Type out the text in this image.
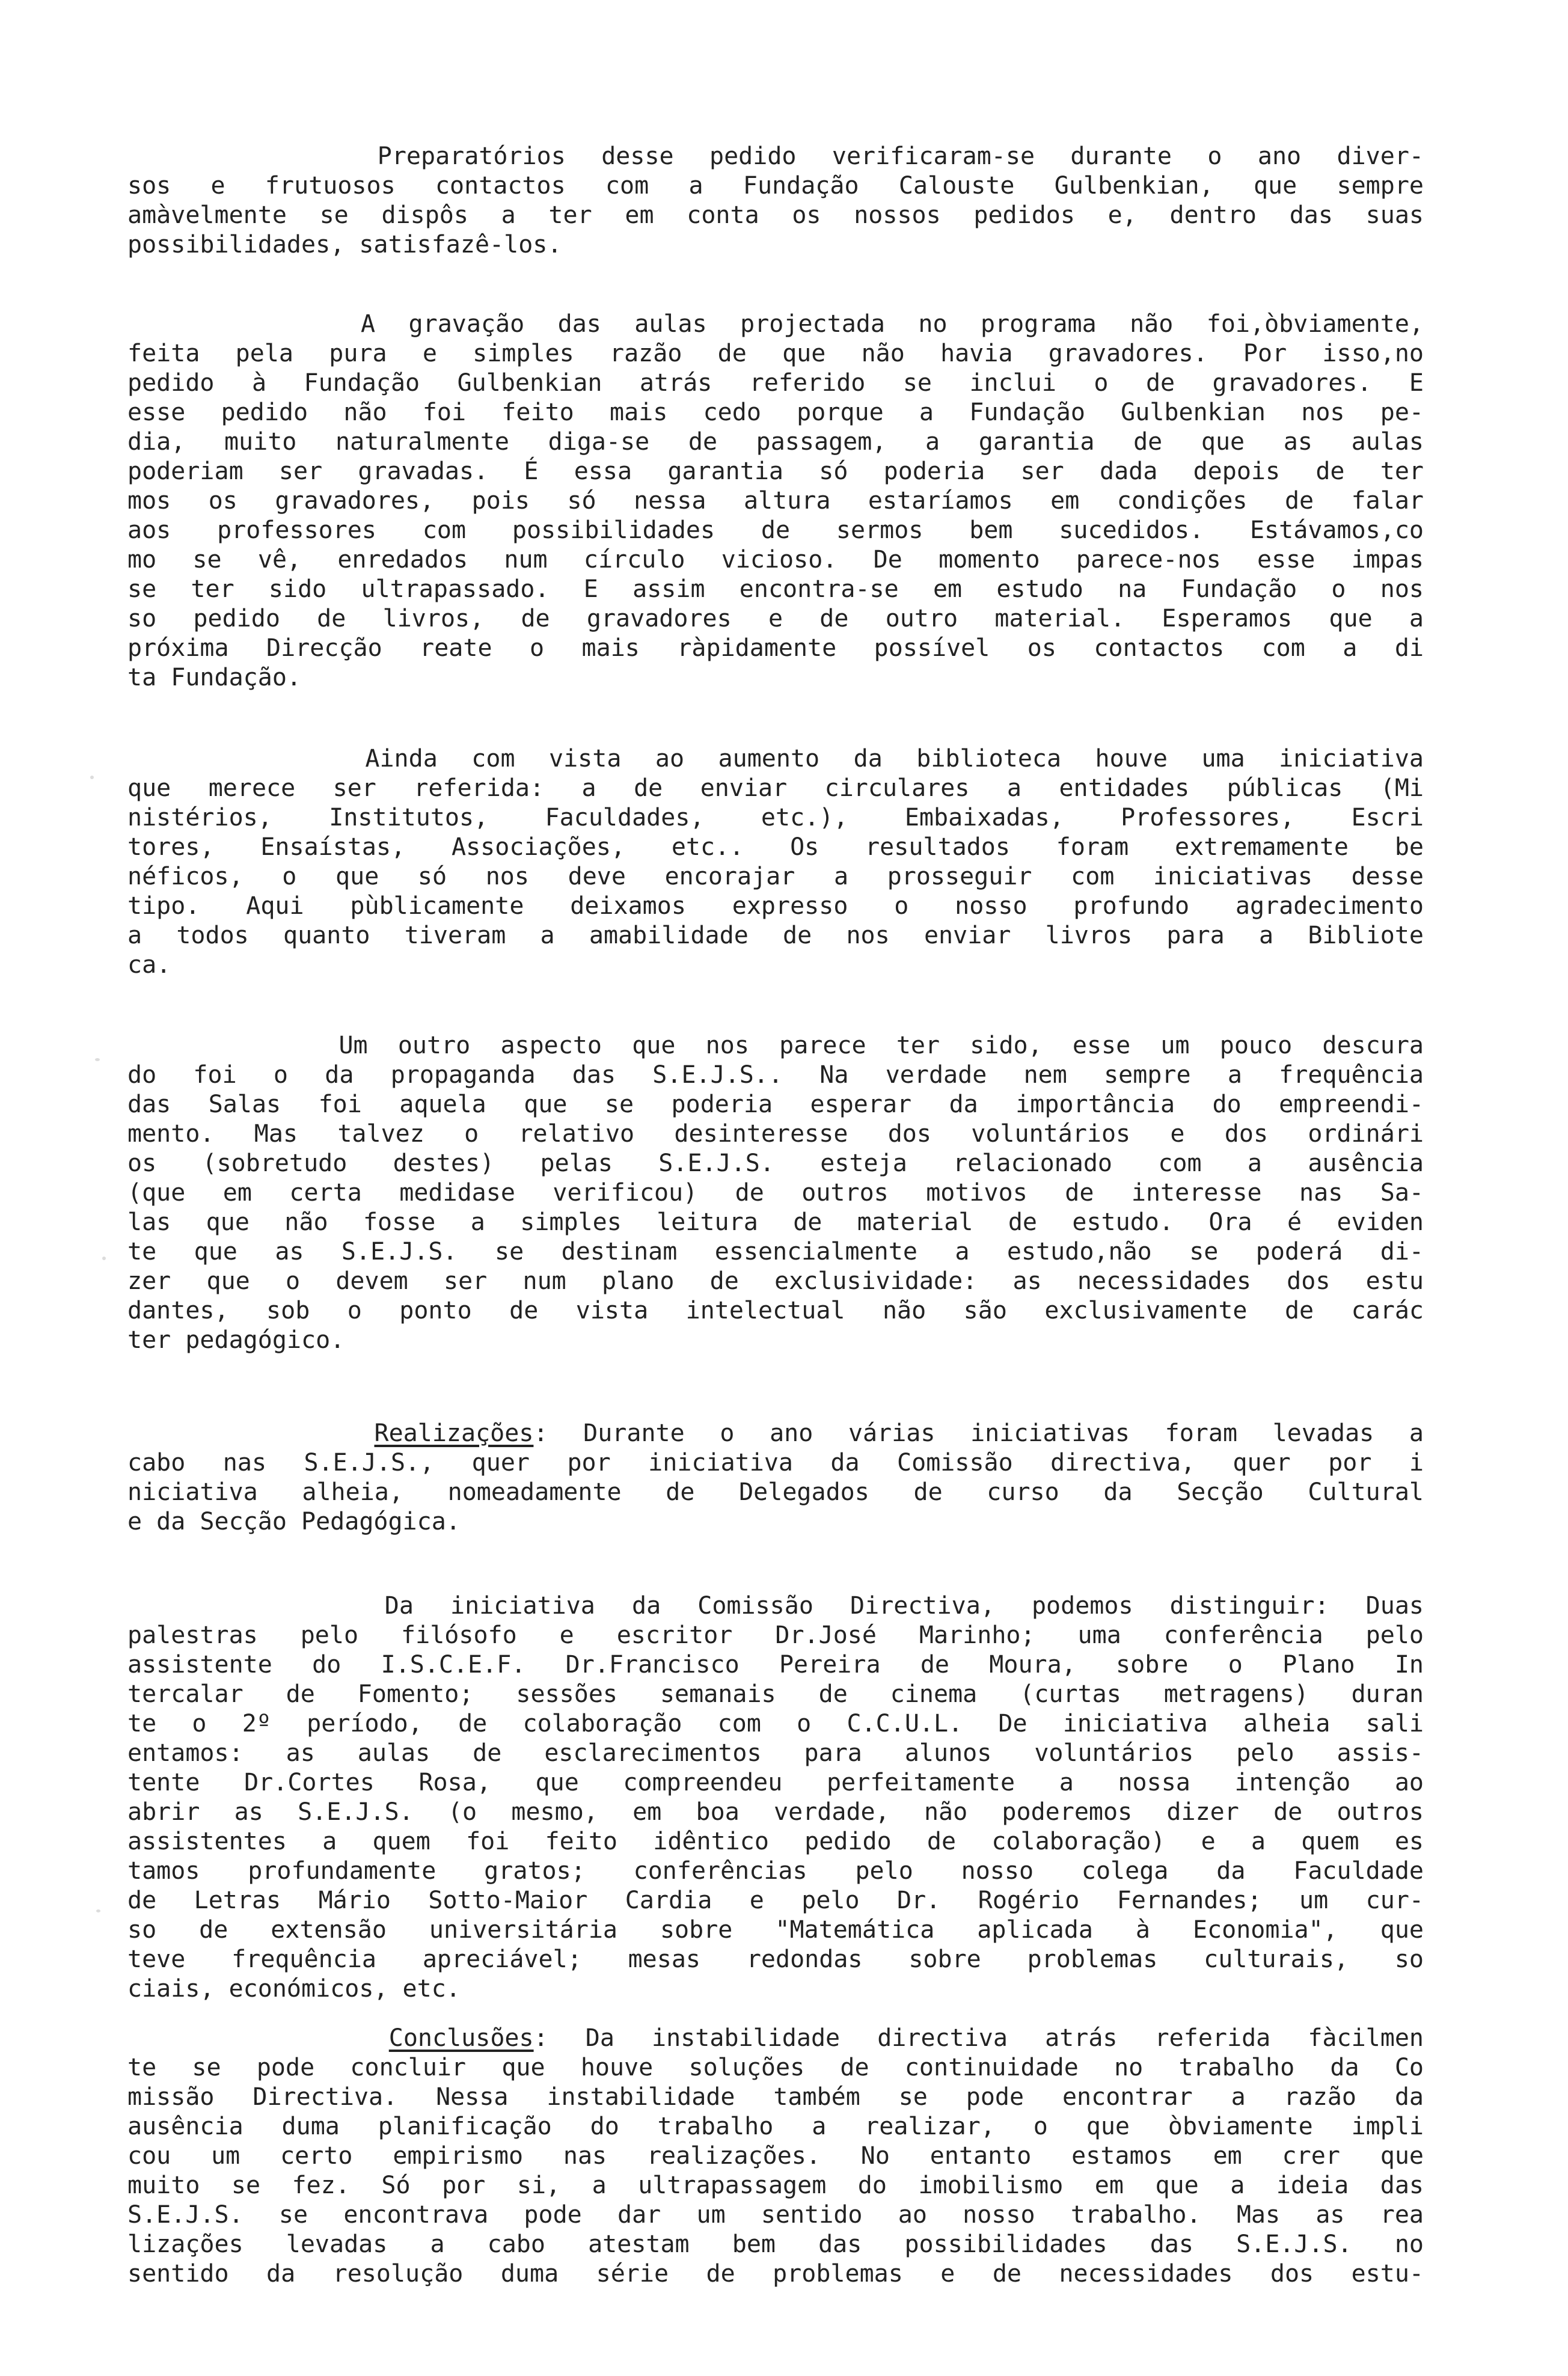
Preparatórios desse pedido verificaram-se durante o ano diver-
sos e frutuosos contactos com a Fundação Calouste Gulbenkian, que sempre
amàvelmente se dispôs a ter em conta os nossos pedidos e, dentro das suas
possibilidades, satisfazê-los.
A gravação das aulas projectada no programa não foi,òbviamente,
feita pela pura e simples razão de que não havia gravadores. Por isso,no
pedido à Fundação Gulbenkian atrás referido se inclui o de gravadores. E
esse pedido não foi feito mais cedo porque a Fundação Gulbenkian nos pe-
dia, muito naturalmente diga-se de passagem, a garantia de que as aulas
poderiam ser gravadas. É essa garantia só poderia ser dada depois de ter
mos os gravadores, pois só nessa altura estaríamos em condições de falar
aos professores com possibilidades de sermos bem sucedidos. Estávamos,co
mo se vê, enredados num círculo vicioso. De momento parece-nos esse impas
se ter sido ultrapassado. E assim encontra-se em estudo na Fundação o nos
so pedido de livros, de gravadores e de outro material. Esperamos que a
próxima Direcção reate o mais ràpidamente possível os contactos com a di
ta Fundação.
Ainda com vista ao aumento da biblioteca houve uma iniciativa
que merece ser referida: a de enviar circulares a entidades públicas (Mi
nistérios, Institutos, Faculdades, etc.), Embaixadas, Professores, Escri
tores, Ensaístas, Associações, etc.. Os resultados foram extremamente be
néficos, o que só nos deve encorajar a prosseguir com iniciativas desse
tipo. Aqui pùblicamente deixamos expresso o nosso profundo agradecimento
a todos quanto tiveram a amabilidade de nos enviar livros para a Bibliote
ca.
Um outro aspecto que nos parece ter sido, esse um pouco descura
do foi o da propaganda das S.E.J.S.. Na verdade nem sempre a frequência
das Salas foi aquela que se poderia esperar da importância do empreendi-
mento. Mas talvez o relativo desinteresse dos voluntários e dos ordinári
os (sobretudo destes) pelas S.E.J.S. esteja relacionado com a ausência
(que em certa medidase verificou) de outros motivos de interesse nas Sa-
las que não fosse a simples leitura de material de estudo. Ora é eviden
te que as S.E.J.S. se destinam essencialmente a estudo,não se poderá di-
zer que o devem ser num plano de exclusividade: as necessidades dos estu
dantes, sob o ponto de vista intelectual não são exclusivamente de carác
ter pedagógico.
Realizações: Durante o ano várias iniciativas foram levadas a
cabo nas S.E.J.S., quer por iniciativa da Comissão directiva, quer por i
niciativa alheia, nomeadamente de Delegados de curso da Secção Cultural
e da Secção Pedagógica.
Da iniciativa da Comissão Directiva, podemos distinguir: Duas
palestras pelo filósofo e escritor Dr.José Marinho; uma conferência pelo
assistente do I.S.C.E.F. Dr.Francisco Pereira de Moura, sobre o Plano In
tercalar de Fomento; sessões semanais de cinema (curtas metragens) duran
te o 2º período, de colaboração com o C.C.U.L. De iniciativa alheia sali
entamos: as aulas de esclarecimentos para alunos voluntários pelo assis-
tente Dr.Cortes Rosa, que compreendeu perfeitamente a nossa intenção ao
abrir as S.E.J.S. (o mesmo, em boa verdade, não poderemos dizer de outros
assistentes a quem foi feito idêntico pedido de colaboração) e a quem es
tamos profundamente gratos; conferências pelo nosso colega da Faculdade
de Letras Mário Sotto-Maior Cardia e pelo Dr. Rogério Fernandes; um cur-
so de extensão universitária sobre "Matemática aplicada à Economia", que
teve frequência apreciável; mesas redondas sobre problemas culturais, so
ciais, económicos, etc.
Conclusões: Da instabilidade directiva atrás referida fàcilmen
te se pode concluir que houve soluções de continuidade no trabalho da Co
missão Directiva. Nessa instabilidade também se pode encontrar a razão da
ausência duma planificação do trabalho a realizar, o que òbviamente impli
cou um certo empirismo nas realizações. No entanto estamos em crer que
muito se fez. Só por si, a ultrapassagem do imobilismo em que a ideia das
S.E.J.S. se encontrava pode dar um sentido ao nosso trabalho. Mas as rea
lizações levadas a cabo atestam bem das possibilidades das S.E.J.S. no
sentido da resolução duma série de problemas e de necessidades dos estu-
